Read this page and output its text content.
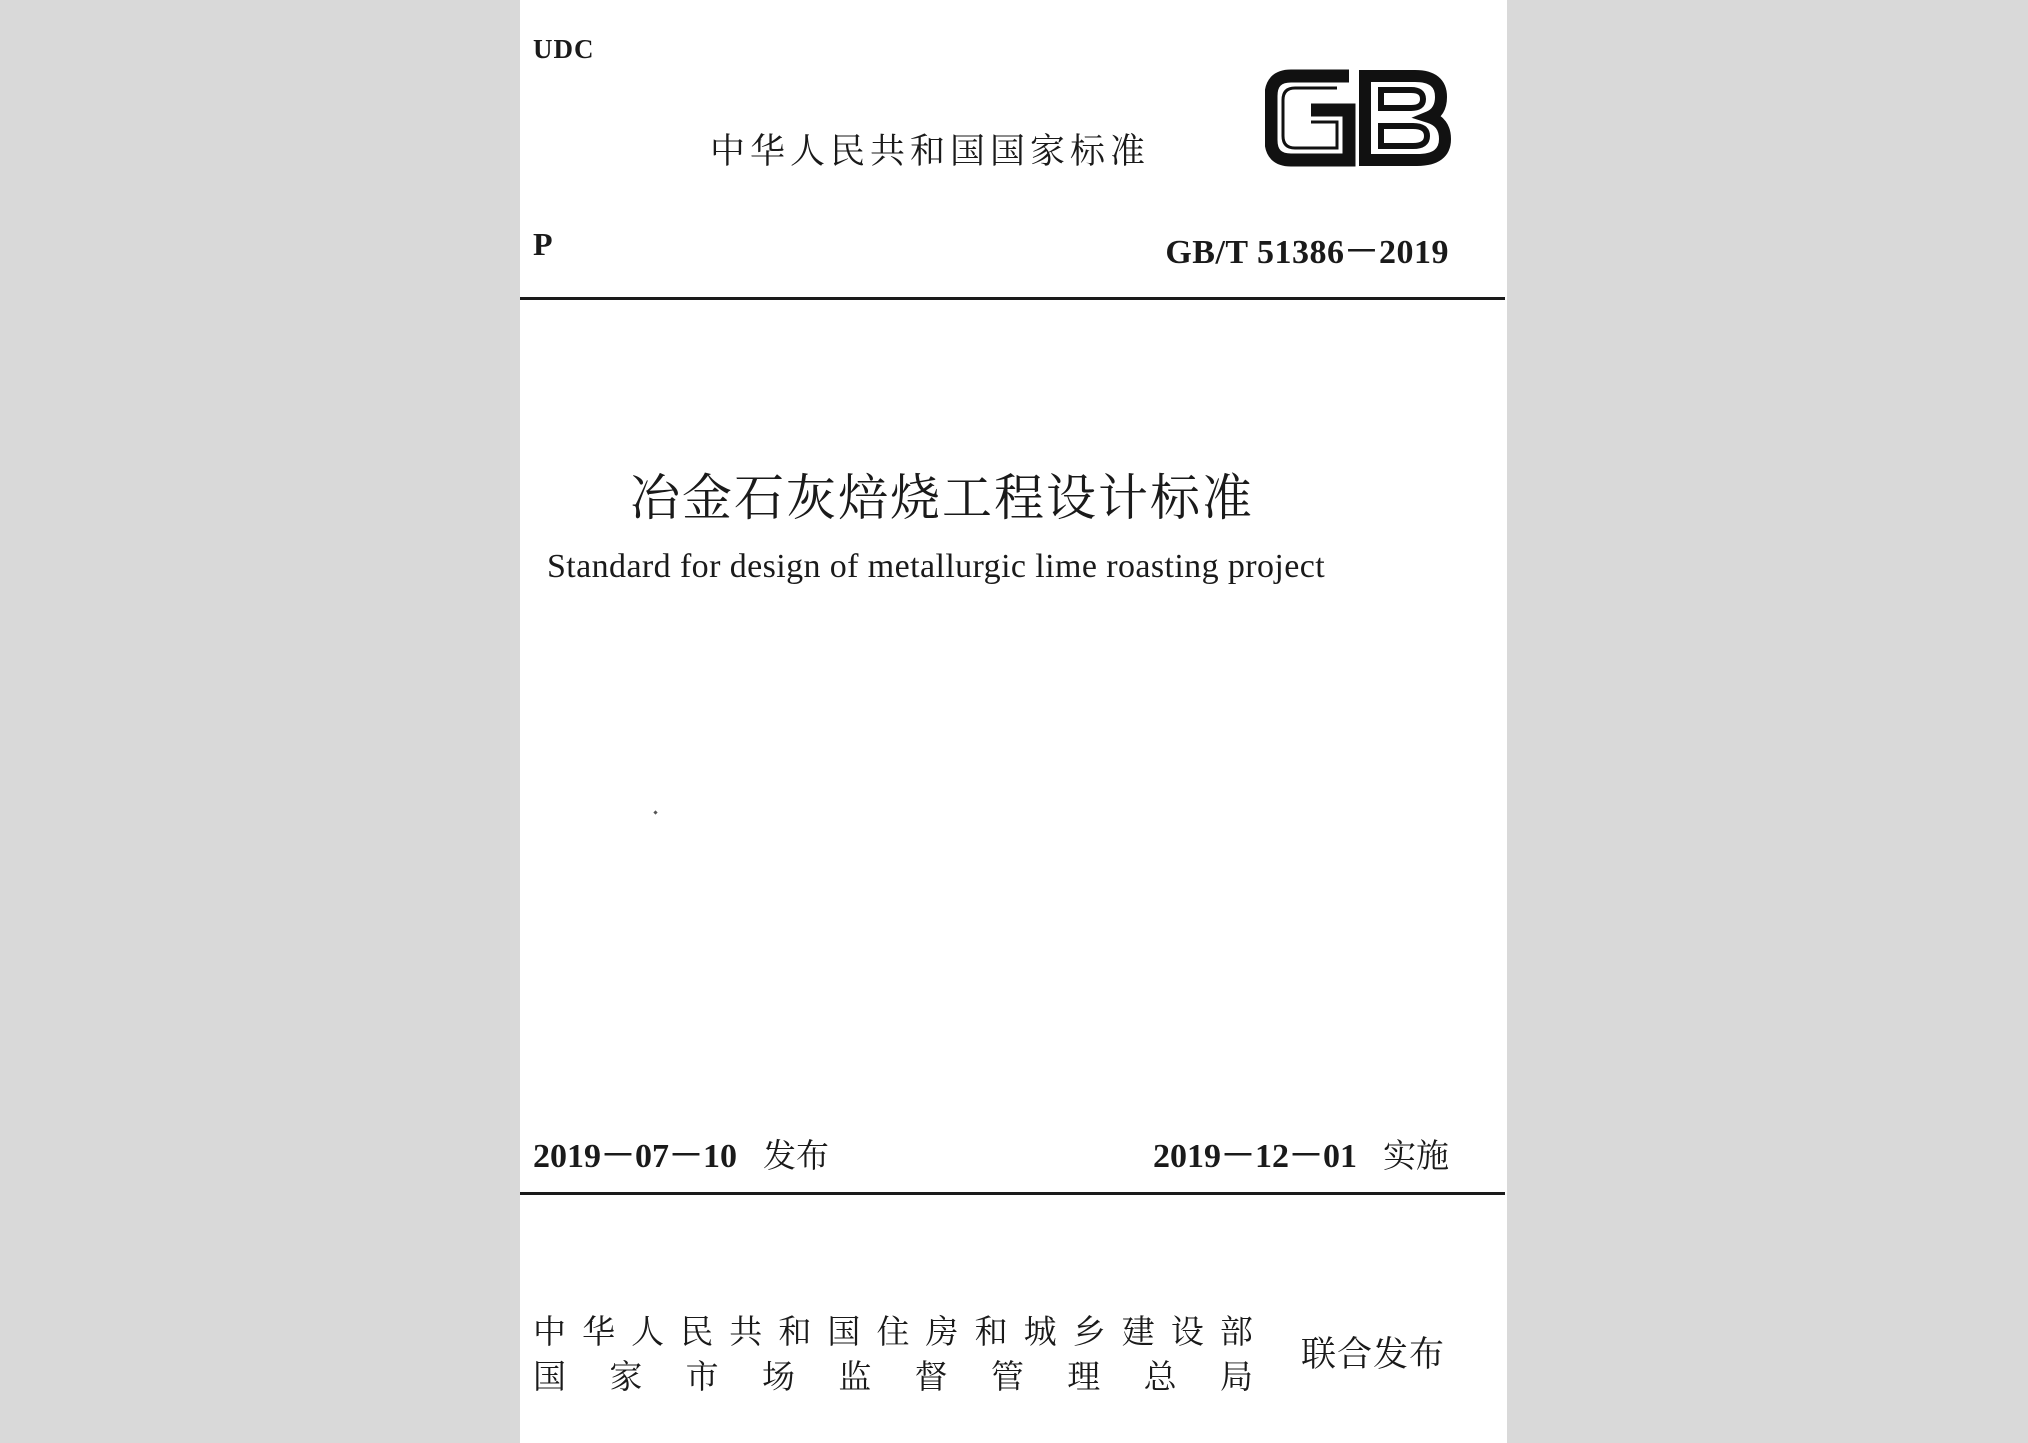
UDC
中华人民共和国国家标准
P	GB/T 51386－2019
冶金石灰焙烧工程设计标准
Standard for design of metallurgic lime roasting project
2019－07－10 发布	2019－12－01 实施
中 华 人 民 共 和 国 住 房 和 城 乡 建 设 部
国 家 市 场 监 督 管 理 总 局
联合发布
